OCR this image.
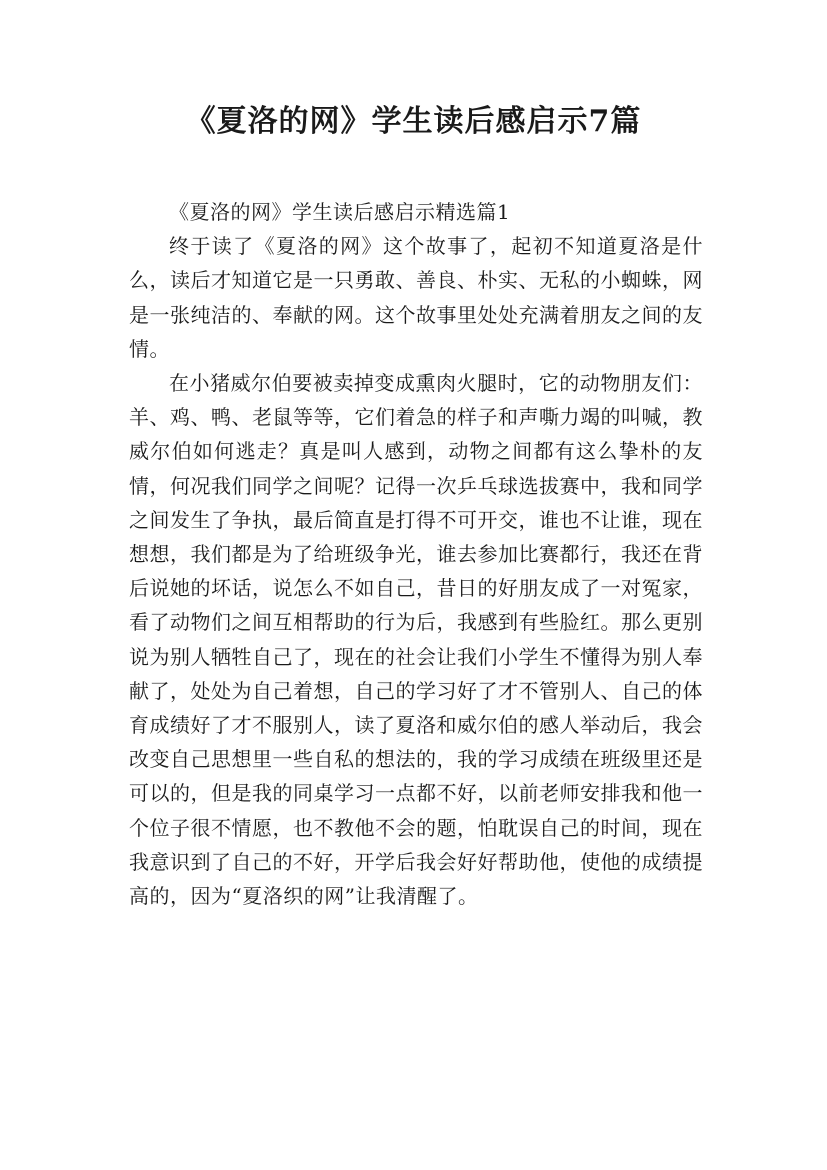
《夏洛的网》学生读后感启示7篇

《夏洛的网》学生读后感启示精选篇1

终于读了《夏洛的网》这个故事了，起初不知道夏洛是什么，读后才知道它是一只勇敢、善良、朴实、无私的小蜘蛛，网是一张纯洁的、奉献的网。这个故事里处处充满着朋友之间的友情。

在小猪威尔伯要被卖掉变成熏肉火腿时，它的动物朋友们：羊、鸡、鸭、老鼠等等，它们着急的样子和声嘶力竭的叫喊，教威尔伯如何逃走？真是叫人感到，动物之间都有这么挚朴的友情，何况我们同学之间呢？记得一次乒乓球选拔赛中，我和同学之间发生了争执，最后简直是打得不可开交，谁也不让谁，现在想想，我们都是为了给班级争光，谁去参加比赛都行，我还在背后说她的坏话，说怎么不如自己，昔日的好朋友成了一对冤家，看了动物们之间互相帮助的行为后，我感到有些脸红。那么更别说为别人牺牲自己了，现在的社会让我们小学生不懂得为别人奉献了，处处为自己着想，自己的学习好了才不管别人、自己的体育成绩好了才不服别人，读了夏洛和威尔伯的感人举动后，我会改变自己思想里一些自私的想法的，我的学习成绩在班级里还是可以的，但是我的同桌学习一点都不好，以前老师安排我和他一个位子很不情愿，也不教他不会的题，怕耽误自己的时间，现在我意识到了自己的不好，开学后我会好好帮助他，使他的成绩提高的，因为“夏洛织的网”让我清醒了。
